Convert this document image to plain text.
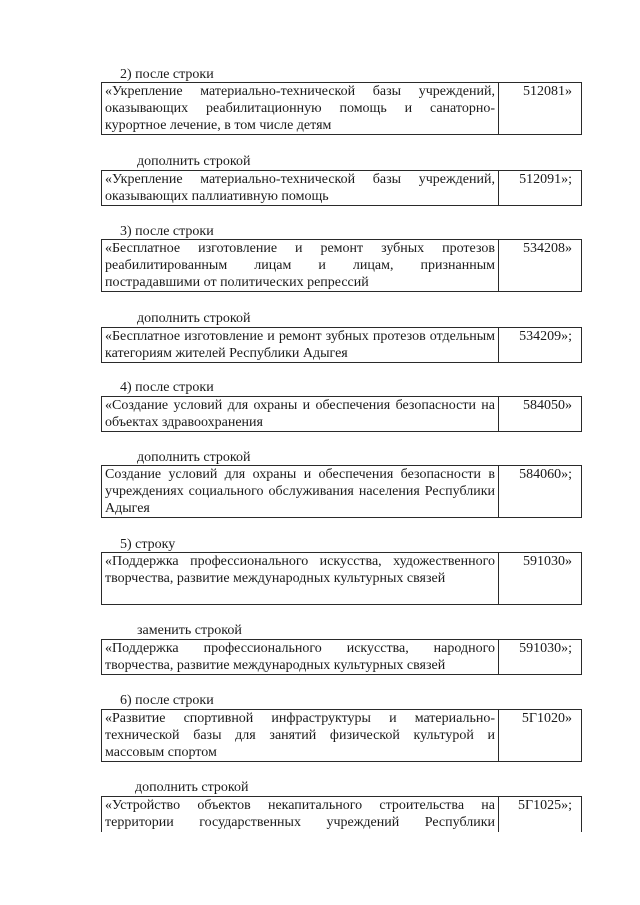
2) после строки
«Укрепление материально-технической базы учреждений, оказывающих реабилитационную помощь и санаторно-курортное лечение, в том числе детям
512081»
дополнить строкой
«Укрепление материально-технической базы учреждений, оказывающих паллиативную помощь
512091»;
3) после строки
«Бесплатное изготовление и ремонт зубных протезов реабилитированным лицам и лицам, признанным пострадавшими от политических репрессий
534208»
дополнить строкой
«Бесплатное изготовление и ремонт зубных протезов отдельным категориям жителей Республики Адыгея
534209»;
4) после строки
«Создание условий для охраны и обеспечения безопасности на объектах здравоохранения
584050»
дополнить строкой
Создание условий для охраны и обеспечения безопасности в учреждениях социального обслуживания населения Республики Адыгея
584060»;
5) строку
«Поддержка профессионального искусства, художественного творчества, развитие международных культурных связей
591030»
заменить строкой
«Поддержка профессионального искусства, народного творчества, развитие международных культурных связей
591030»;
6) после строки
«Развитие спортивной инфраструктуры и материально-технической базы для занятий физической культурой и массовым спортом
5Г1020»
дополнить строкой
«Устройство объектов некапитального строительства на территории государственных учреждений Республики
5Г1025»;
